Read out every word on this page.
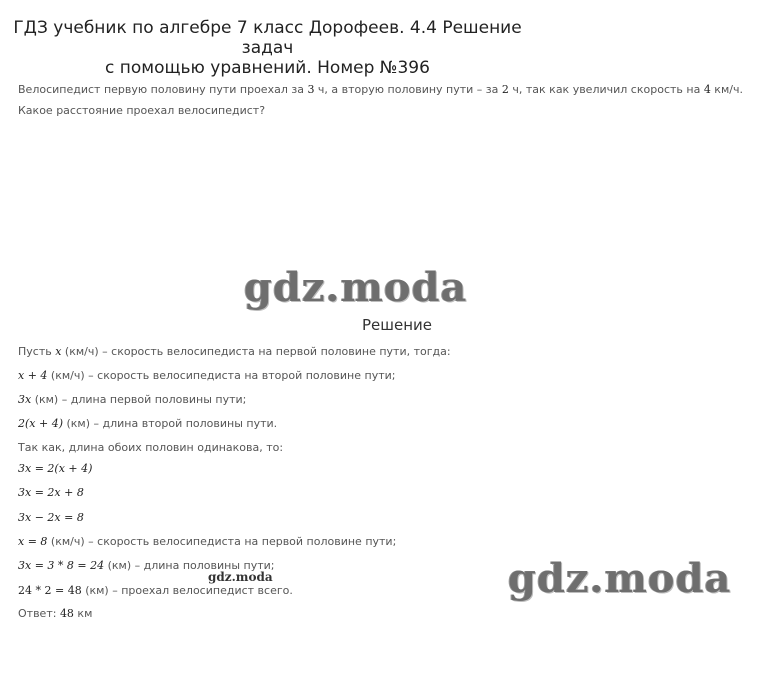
ГДЗ учебник по алгебре 7 класс Дорофеев. 4.4 Решение задач
с помощью уравнений. Номер №396
Велосипедист первую половину пути проехал за 3 ч, а вторую половину пути – за 2 ч, так как увеличил скорость на 4 км/ч. Какое расстояние проехал велосипедист?
gdz.moda
Решение
Пусть x (км/ч) – скорость велосипедиста на первой половине пути, тогда:
x + 4 (км/ч) – скорость велосипедиста на второй половине пути;
3x (км) – длина первой половины пути;
2(x + 4) (км) – длина второй половины пути.
Так как, длина обоих половин одинакова, то:
3x = 2(x + 4)
3x = 2x + 8
3x − 2x = 8
x = 8 (км/ч) – скорость велосипедиста на первой половине пути;
3x = 3 * 8 = 24 (км) – длина половины пути;
24 * 2 = 48 (км) – проехал велосипедист всего.
Ответ: 48 км
gdz.moda	gdz.moda
